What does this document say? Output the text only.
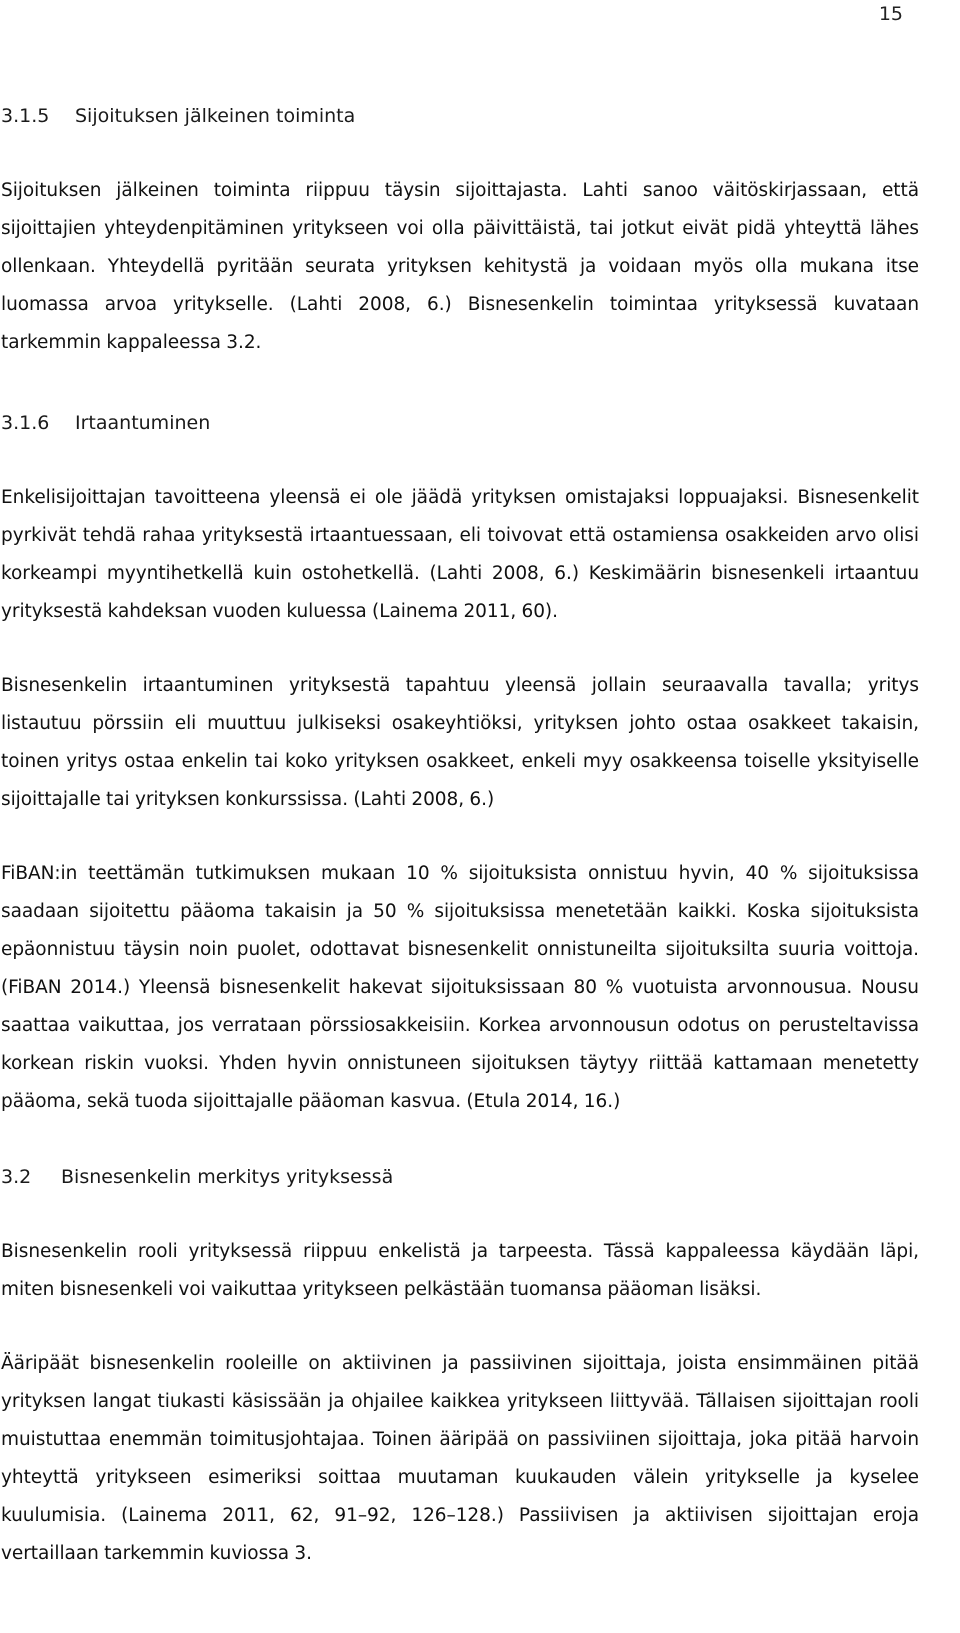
15
3.1.5	Sijoituksen jälkeinen toiminta

Sijoituksen jälkeinen toiminta riippuu täysin sijoittajasta. Lahti sanoo väitöskirjassaan, että sijoittajien yhteydenpitäminen yritykseen voi olla päivittäistä, tai jotkut eivät pidä yhteyttä lähes ollenkaan. Yhteydellä pyritään seurata yrityksen kehitystä ja voidaan myös olla mukana itse luomassa arvoa yritykselle. (Lahti 2008, 6.) Bisnesenkelin toimintaa yrityksessä kuvataan tarkemmin kappaleessa 3.2.

3.1.6	Irtaantuminen

Enkelisijoittajan tavoitteena yleensä ei ole jäädä yrityksen omistajaksi loppuajaksi. Bisnesenkelit pyrkivät tehdä rahaa yrityksestä irtaantuessaan, eli toivovat että ostamiensa osakkeiden arvo olisi korkeampi myyntihetkellä kuin ostohetkellä. (Lahti 2008, 6.) Keskimäärin bisnesenkeli irtaantuu yrityksestä kahdeksan vuoden kuluessa (Lainema 2011, 60).

Bisnesenkelin irtaantuminen yrityksestä tapahtuu yleensä jollain seuraavalla tavalla; yritys listautuu pörssiin eli muuttuu julkiseksi osakeyhtiöksi, yrityksen johto ostaa osakkeet takaisin, toinen yritys ostaa enkelin tai koko yrityksen osakkeet, enkeli myy osakkeensa toiselle yksityiselle sijoittajalle tai yrityksen konkurssissa. (Lahti 2008, 6.)

FiBAN:in teettämän tutkimuksen mukaan 10 % sijoituksista onnistuu hyvin, 40 % sijoituksissa saadaan sijoitettu pääoma takaisin ja 50 % sijoituksissa menetetään kaikki. Koska sijoituksista epäonnistuu täysin noin puolet, odottavat bisnesenkelit onnistuneilta sijoituksilta suuria voittoja. (FiBAN 2014.) Yleensä bisnesenkelit hakevat sijoituksissaan 80 % vuotuista arvonnousua. Nousu saattaa vaikuttaa, jos verrataan pörssiosakkeisiin. Korkea arvonnousun odotus on perusteltavissa korkean riskin vuoksi. Yhden hyvin onnistuneen sijoituksen täytyy riittää kattamaan menetetty pääoma, sekä tuoda sijoittajalle pääoman kasvua. (Etula 2014, 16.)

3.2	Bisnesenkelin merkitys yrityksessä

Bisnesenkelin rooli yrityksessä riippuu enkelistä ja tarpeesta. Tässä kappaleessa käydään läpi, miten bisnesenkeli voi vaikuttaa yritykseen pelkästään tuomansa pääoman lisäksi.

Ääripäät bisnesenkelin rooleille on aktiivinen ja passiivinen sijoittaja, joista ensimmäinen pitää yrityksen langat tiukasti käsissään ja ohjailee kaikkea yritykseen liittyvää. Tällaisen sijoittajan rooli muistuttaa enemmän toimitusjohtajaa. Toinen ääripää on passiviinen sijoittaja, joka pitää harvoin yhteyttä yritykseen esimeriksi soittaa muutaman kuukauden välein yritykselle ja kyselee kuulumisia. (Lainema 2011, 62, 91–92, 126–128.) Passiivisen ja aktiivisen sijoittajan eroja vertaillaan tarkemmin kuviossa 3.
